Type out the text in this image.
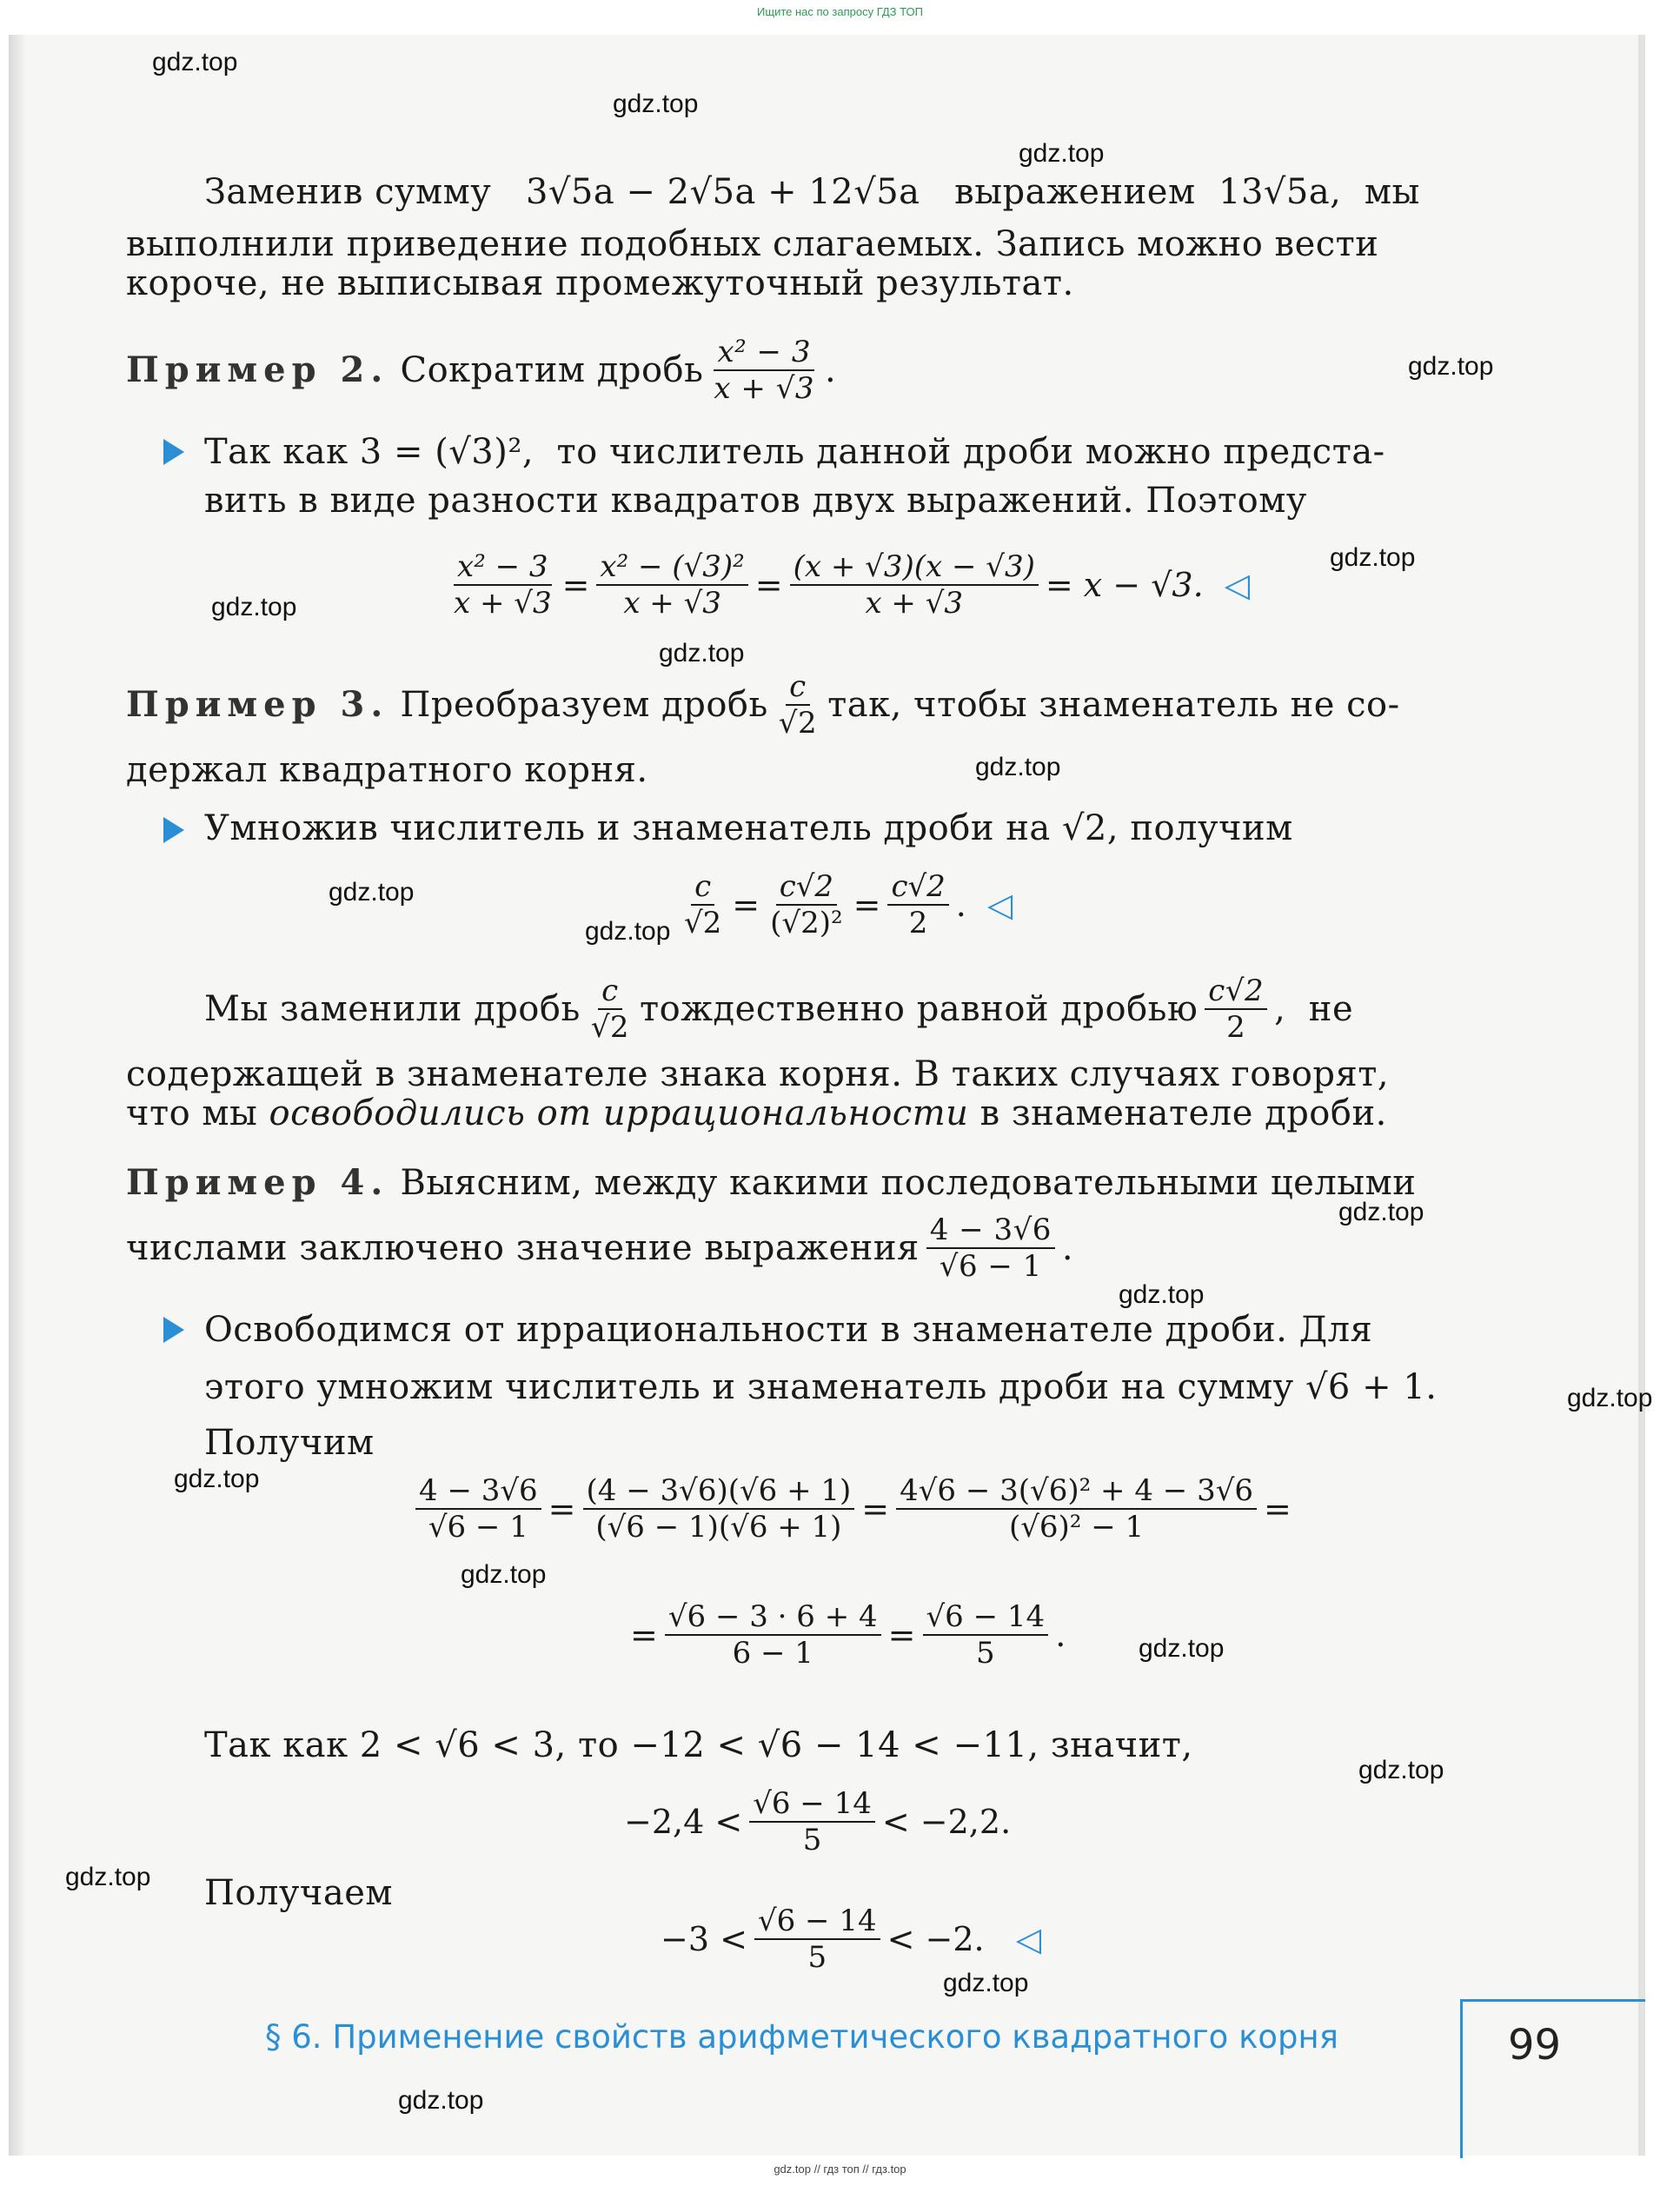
Ищите нас по запросу ГДЗ ТОП
gdz.top
gdz.top
gdz.top
gdz.top
gdz.top
gdz.top
gdz.top
gdz.top
gdz.top
gdz.top
gdz.top
gdz.top
gdz.top
gdz.top
gdz.top
gdz.top
gdz.top
gdz.top
gdz.top
gdz.top
Заменив сумму 3√5a − 2√5a + 12√5a выражением 13√5a, мы
выполнили приведение подобных слагаемых. Запись можно вести
короче, не выписывая промежуточный результат.
Пример 2.
Сократим дробь $\frac{\text{x² − 3}}{x + √3}$ .
Так как 3 = (√3)², то числитель данной дроби можно предста-
вить в виде разности квадратов двух выражений. Поэтому
$\frac{\text{x² − 3}}{x + √3} = \frac{\text{x² − (√3)²}}{x + √3} = \frac{(x + √3)(x - √3)}{x + √3} = x - √3$.
◁
Пример 3.
Преобразуем дробь $\frac{c}{√2}$ так, чтобы знаменатель не со-
держал квадратного корня.
Умножив числитель и знаменатель дроби на √2, получим
$\frac{c}{√2} = \frac{c√2}{\text{(√2)²}} = \frac{c√2}{2}$ . ◁
Мы заменили дробь $\frac{c}{√2}$ тождественно равной дробью $\frac{c√2}{2}$ , не
содержащей в знаменателе знака корня. В таких случаях говорят,
что мы освободились от иррациональности в знаменателе дроби.
Пример 4. Выясним, между какими последовательными целыми
числами заключено значение выражения $\frac{4 - 3√6}{√6 - 1}$ .
Освободимся от иррациональности в знаменателе дроби. Для
этого умножим числитель и знаменатель дроби на сумму √6 + 1.
Получим
$\frac{4 - 3√6}{√6 - 1} = \frac{(4 - 3√6)(√6 + 1)}{(√6 - 1)(√6 + 1)} = \frac{\text{4√6 − 3(√6)² + 4 − 3√6}}{\text{(√6)² − 1}}$ =
= $\frac{√6 - 3 \cdot 6 + 4}{6 - 1} = \frac{√6 - 14}{5}$ .
Так как 2 < √6 < 3, то −12 < √6 − 14 < −11, значит,
$-2,4 < \frac{√6 - 14}{5} < -2,2$.
Получаем
$-3 < \frac{√6 - 14}{5} < -2$.
◁
§ 6. Применение свойств арифметического квадратного корня	99
gdz.top // гдз топ // гдз.top
